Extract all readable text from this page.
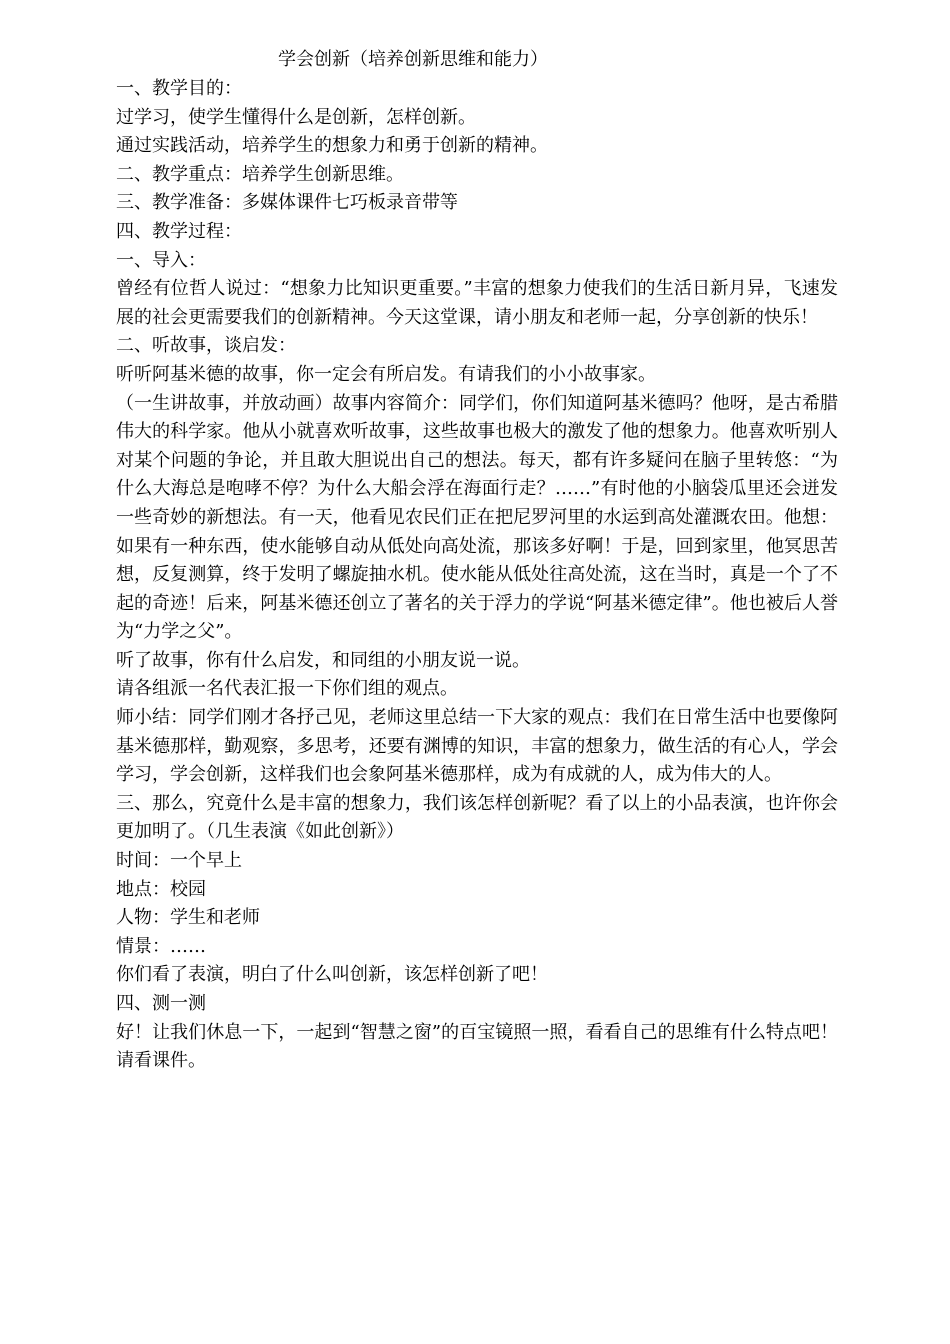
学会创新（培养创新思维和能力）

一、教学目的：

过学习，使学生懂得什么是创新，怎样创新。

通过实践活动，培养学生的想象力和勇于创新的精神。

二、教学重点：培养学生创新思维。

三、教学准备：多媒体课件七巧板录音带等

四、教学过程：

一、导入：

曾经有位哲人说过：“想象力比知识更重要。”丰富的想象力使我们的生活日新月异，飞速发展的社会更需要我们的创新精神。今天这堂课，请小朋友和老师一起，分享创新的快乐！

二、听故事，谈启发：

听听阿基米德的故事，你一定会有所启发。有请我们的小小故事家。

（一生讲故事，并放动画）故事内容简介：同学们，你们知道阿基米德吗？他呀，是古希腊伟大的科学家。他从小就喜欢听故事，这些故事也极大的激发了他的想象力。他喜欢听别人对某个问题的争论，并且敢大胆说出自己的想法。每天，都有许多疑问在脑子里转悠：“为什么大海总是咆哮不停？为什么大船会浮在海面行走？……”有时他的小脑袋瓜里还会迸发一些奇妙的新想法。有一天，他看见农民们正在把尼罗河里的水运到高处灌溉农田。他想：如果有一种东西，使水能够自动从低处向高处流，那该多好啊！于是，回到家里，他冥思苦想，反复测算，终于发明了螺旋抽水机。使水能从低处往高处流，这在当时，真是一个了不起的奇迹！后来，阿基米德还创立了著名的关于浮力的学说“阿基米德定律”。他也被后人誉为“力学之父”。

听了故事，你有什么启发，和同组的小朋友说一说。

请各组派一名代表汇报一下你们组的观点。

师小结：同学们刚才各抒己见，老师这里总结一下大家的观点：我们在日常生活中也要像阿基米德那样，勤观察，多思考，还要有渊博的知识，丰富的想象力，做生活的有心人，学会学习，学会创新，这样我们也会象阿基米德那样，成为有成就的人，成为伟大的人。

三、那么，究竟什么是丰富的想象力，我们该怎样创新呢？看了以上的小品表演，也许你会更加明了。（几生表演《如此创新》）

时间：一个早上

地点：校园

人物：学生和老师

情景：……

你们看了表演，明白了什么叫创新，该怎样创新了吧！

四、测一测

好！让我们休息一下，一起到“智慧之窗”的百宝镜照一照，看看自己的思维有什么特点吧！请看课件。
